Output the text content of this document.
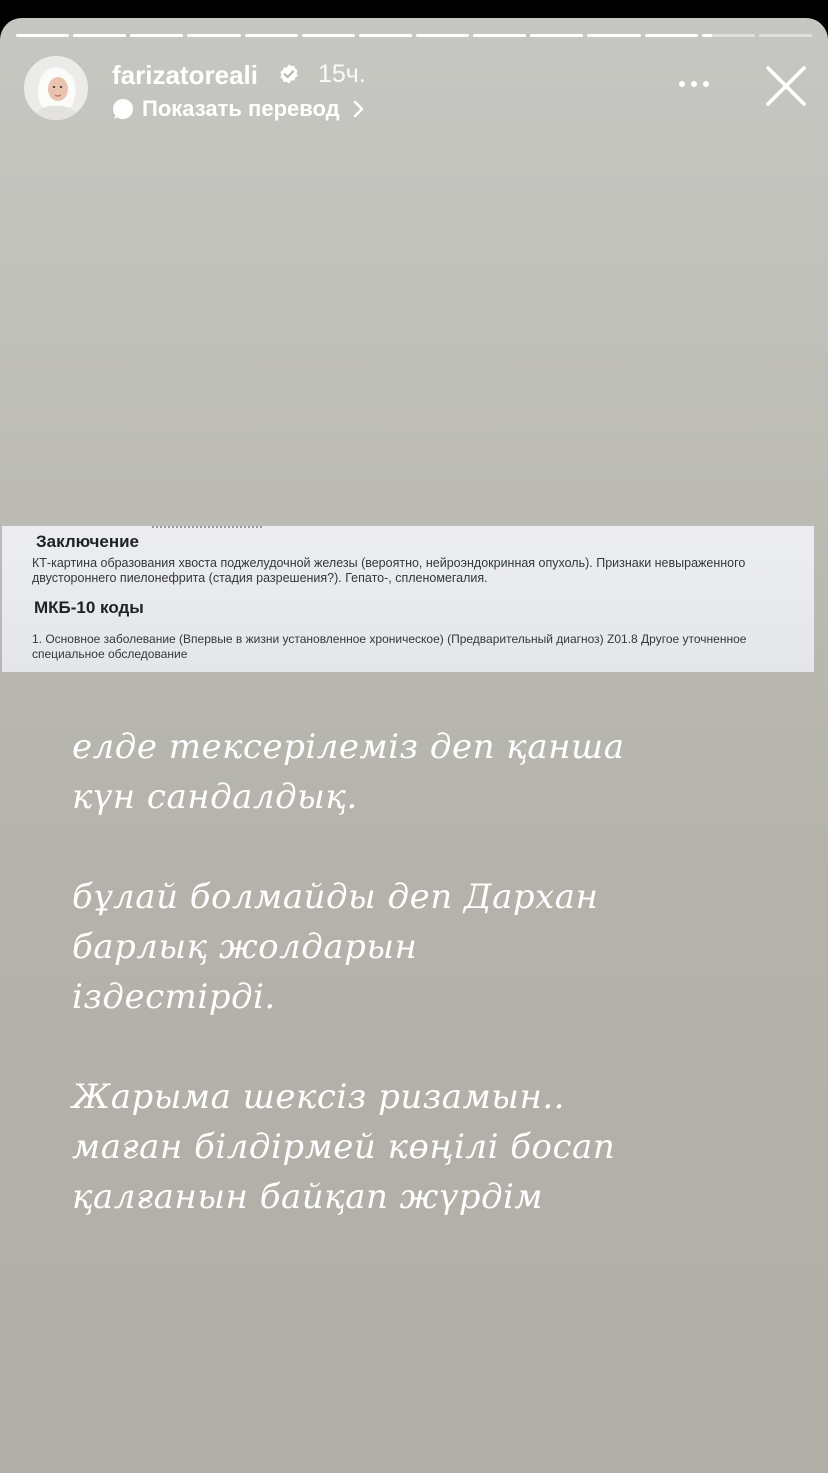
farizatoreali 15ч.
Показать перевод
Заключение
КТ-картина образования хвоста поджелудочной железы (вероятно, нейроэндокринная опухоль). Признаки невыраженного двустороннего пиелонефрита (стадия разрешения?). Гепато-, спленомегалия.
МКБ-10 коды
1. Основное заболевание (Впервые в жизни установленное хроническое) (Предварительный диагноз) Z01.8 Другое уточненное специальное обследование
елде тексерілеміз деп қанша
күн сандалдық.
бұлай болмайды деп Дархан
барлық жолдарын
іздестірді.
Жарыма шексіз ризамын..
маған білдірмей көңілі босап
қалғанын байқап жүрдім
